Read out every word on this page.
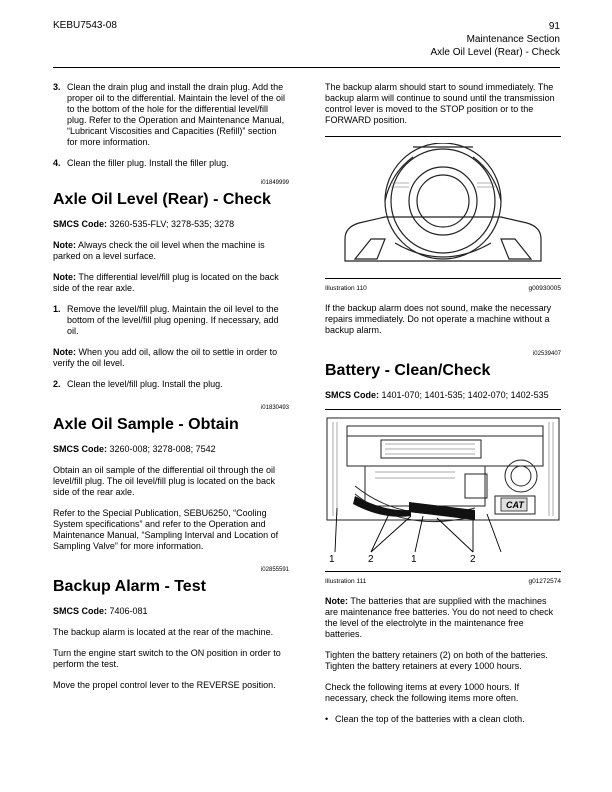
KEBU7543-08	91
Maintenance Section
Axle Oil Level (Rear) - Check
3. Clean the drain plug and install the drain plug. Add the proper oil to the differential. Maintain the level of the oil to the bottom of the hole for the differential level/fill plug. Refer to the Operation and Maintenance Manual, “Lubricant Viscosities and Capacities (Refill)” section for more information.
4. Clean the filler plug. Install the filler plug.
i01849999
Axle Oil Level (Rear) - Check

SMCS Code: 3260-535-FLV; 3278-535; 3278

Note: Always check the oil level when the machine is parked on a level surface.

Note: The differential level/fill plug is located on the back side of the rear axle.

1. Remove the level/fill plug. Maintain the oil level to the bottom of the level/fill plug opening. If necessary, add oil.

Note: When you add oil, allow the oil to settle in order to verify the oil level.

2. Clean the level/fill plug. Install the plug.
i01830493
Axle Oil Sample - Obtain

SMCS Code: 3260-008; 3278-008; 7542

Obtain an oil sample of the differential oil through the oil level/fill plug. The oil level/fill plug is located on the back side of the rear axle.

Refer to the Special Publication, SEBU6250, “Cooling System specifications” and refer to the Operation and Maintenance Manual, “Sampling Interval and Location of Sampling Valve” for more information.

i02855591
Backup Alarm - Test

SMCS Code: 7406-081

The backup alarm is located at the rear of the machine.

Turn the engine start switch to the ON position in order to perform the test.

Move the propel control lever to the REVERSE position.

The backup alarm should start to sound immediately. The backup alarm will continue to sound until the transmission control lever is moved to the STOP position or to the FORWARD position.

Illustration 110	g00930005

If the backup alarm does not sound, make the necessary repairs immediately. Do not operate a machine without a backup alarm.

i02539407
Battery - Clean/Check

SMCS Code: 1401-070; 1401-535; 1402-070; 1402-535

CAT
1	2	1	2
Illustration 111	g01272574

Note: The batteries that are supplied with the machines are maintenance free batteries. You do not need to check the level of the electrolyte in the maintenance free batteries.

Tighten the battery retainers (2) on both of the batteries. Tighten the battery retainers at every 1000 hours.

Check the following items at every 1000 hours. If necessary, check the following items more often.

• Clean the top of the batteries with a clean cloth.
